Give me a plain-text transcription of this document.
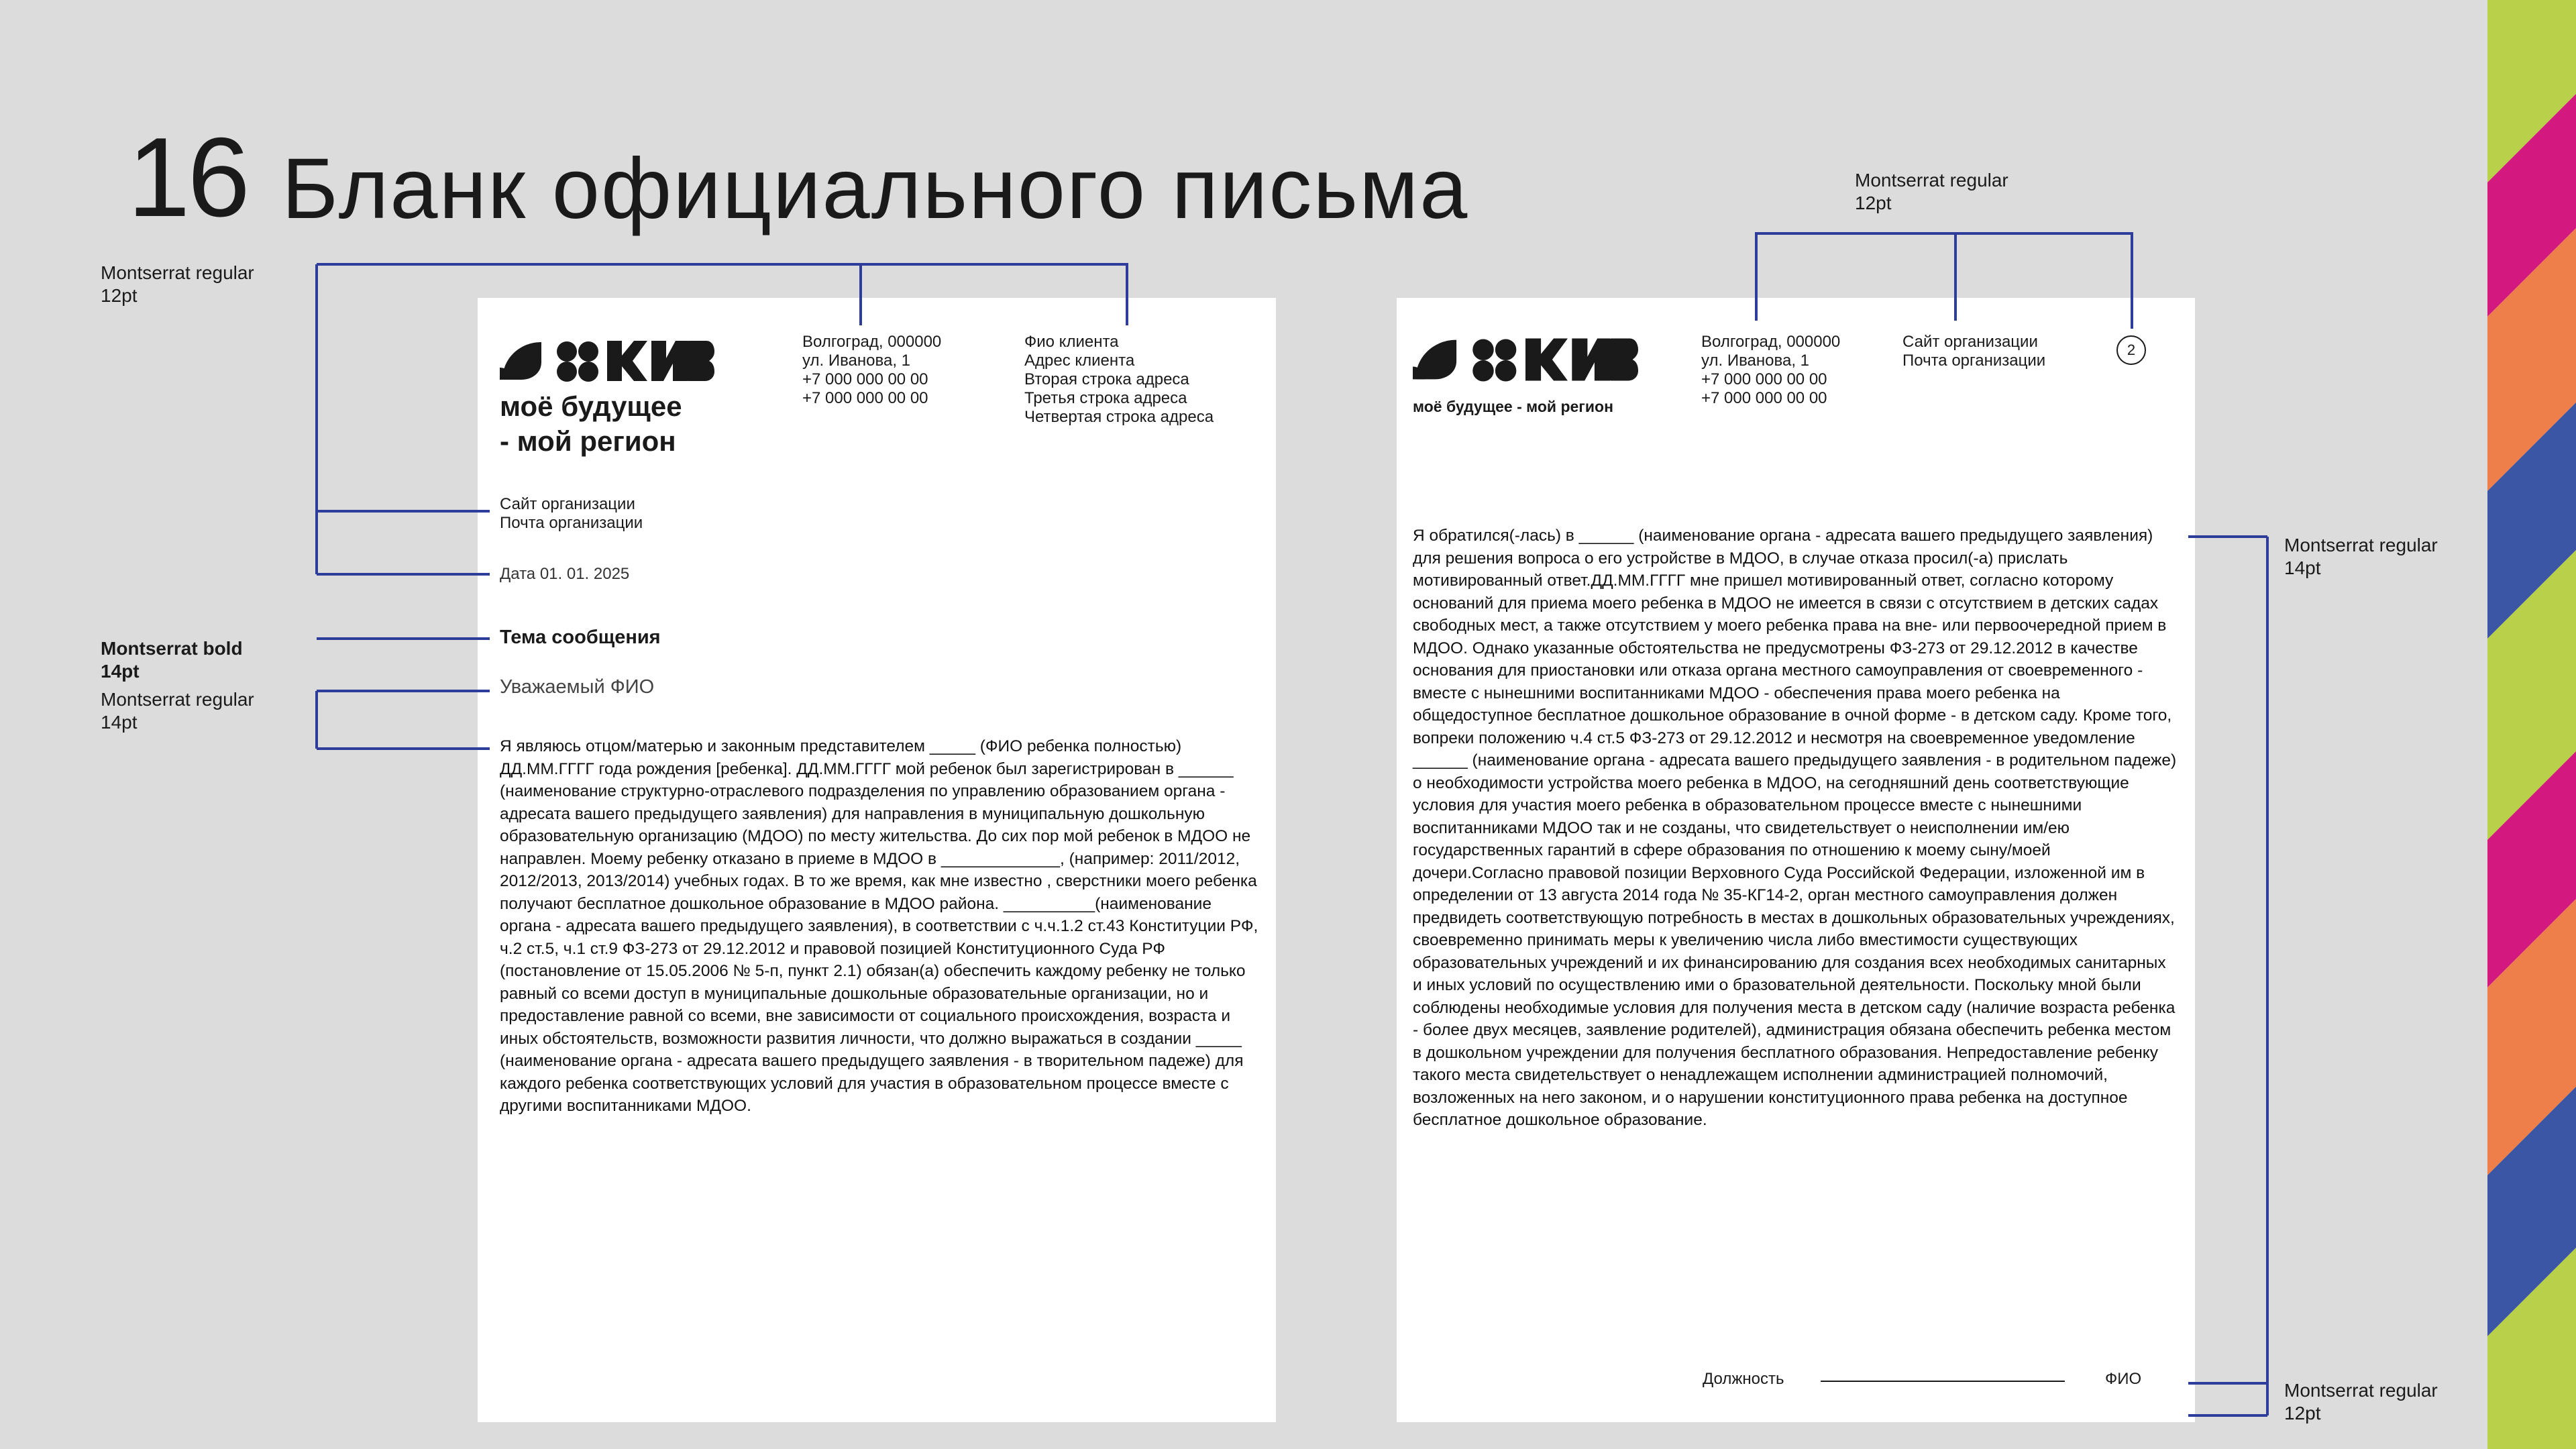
16 Бланк официального письма
Montserrat regular
12pt
Montserrat bold
14pt
Montserrat regular
14pt
Montserrat regular
12pt
Montserrat regular
14pt
Montserrat regular
12pt
моё будущее
- мой регион
Волгоград, 000000
ул. Иванова, 1
+7 000 000 00 00
+7 000 000 00 00
Фио клиента
Адрес клиента
Вторая строка адреса
Третья строка адреса
Четвертая строка адреса
Сайт организации
Почта организации
Дата 01. 01. 2025
Тема сообщения
Уважаемый ФИО
Я являюсь отцом/матерью и законным представителем _____ (ФИО ребенка полностью) ДД.ММ.ГГГГ года рождения [ребенка]. ДД.ММ.ГГГГ мой ребенок был зарегистрирован в ______ (наименование структурно-отраслевого подразделения по управлению образованием органа - адресата вашего предыдущего заявления) для направления в муниципальную дошкольную образовательную организацию (МДОО) по месту жительства. До сих пор мой ребенок в МДОО не направлен. Моему ребенку отказано в приеме в МДОО в _____________, (например: 2011/2012, 2012/2013, 2013/2014) учебных годах. В то же время, как мне известно , сверстники моего ребенка получают бесплатное дошкольное образование в МДОО района. __________(наименование органа - адресата вашего предыдущего заявления), в соответствии с ч.ч.1.2 ст.43 Конституции РФ, ч.2 ст.5, ч.1 ст.9 ФЗ-273 от 29.12.2012 и правовой позицией Конституционного Суда РФ (постановление от 15.05.2006 № 5-п, пункт 2.1) обязан(а) обеспечить каждому ребенку не только равный со всеми доступ в муниципальные дошкольные образовательные организации, но и предоставление равной со всеми, вне зависимости от социального происхождения, возраста и иных обстоятельств, возможности развития личности, что должно выражаться в создании _____ (наименование органа - адресата вашего предыдущего заявления - в творительном падеже) для каждого ребенка соответствующих условий для участия в образовательном процессе вместе с другими воспитанниками МДОО.
моё будущее - мой регион
Волгоград, 000000
ул. Иванова, 1
+7 000 000 00 00
+7 000 000 00 00
Сайт организации
Почта организации
2
Я обратился(-лась) в ______ (наименование органа - адресата вашего предыдущего заявления) для решения вопроса о его устройстве в МДОО, в случае отказа просил(-а) прислать мотивированный ответ.ДД.ММ.ГГГГ мне пришел мотивированный ответ, согласно которому оснований для приема моего ребенка в МДОО не имеется в связи с отсутствием в детских садах свободных мест, а также отсутствием у моего ребенка права на вне- или первоочередной прием в МДОО. Однако указанные обстоятельства не предусмотрены ФЗ-273 от 29.12.2012 в качестве основания для приостановки или отказа органа местного самоуправления от своевременного - вместе с нынешними воспитанниками МДОО - обеспечения права моего ребенка на общедоступное бесплатное дошкольное образование в очной форме - в детском саду. Кроме того, вопреки положению ч.4 ст.5 ФЗ-273 от 29.12.2012 и несмотря на своевременное уведомление ______ (наименование органа - адресата вашего предыдущего заявления - в родительном падеже) о необходимости устройства моего ребенка в МДОО, на сегодняшний день соответствующие условия для участия моего ребенка в образовательном процессе вместе с нынешними воспитанниками МДОО так и не созданы, что свидетельствует о неисполнении им/ею государственных гарантий в сфере образования по отношению к моему сыну/моей дочери.Согласно правовой позиции Верховного Суда Российской Федерации, изложенной им в определении от 13 августа 2014 года № 35-КГ14-2, орган местного самоуправления должен предвидеть соответствующую потребность в местах в дошкольных образовательных учреждениях, своевременно принимать меры к увеличению числа либо вместимости существующих образовательных учреждений и их финансированию для создания всех необходимых санитарных и иных условий по осуществлению ими о бразовательной деятельности. Поскольку мной были соблюдены необходимые условия для получения места в детском саду (наличие возраста ребенка - более двух месяцев, заявление родителей), администрация обязана обеспечить ребенка местом в дошкольном учреждении для получения бесплатного образования. Непредоставление ребенку такого места свидетельствует о ненадлежащем исполнении администрацией полномочий, возложенных на него законом, и о нарушении конституционного права ребенка на доступное бесплатное дошкольное образование.
Должность	ФИО
